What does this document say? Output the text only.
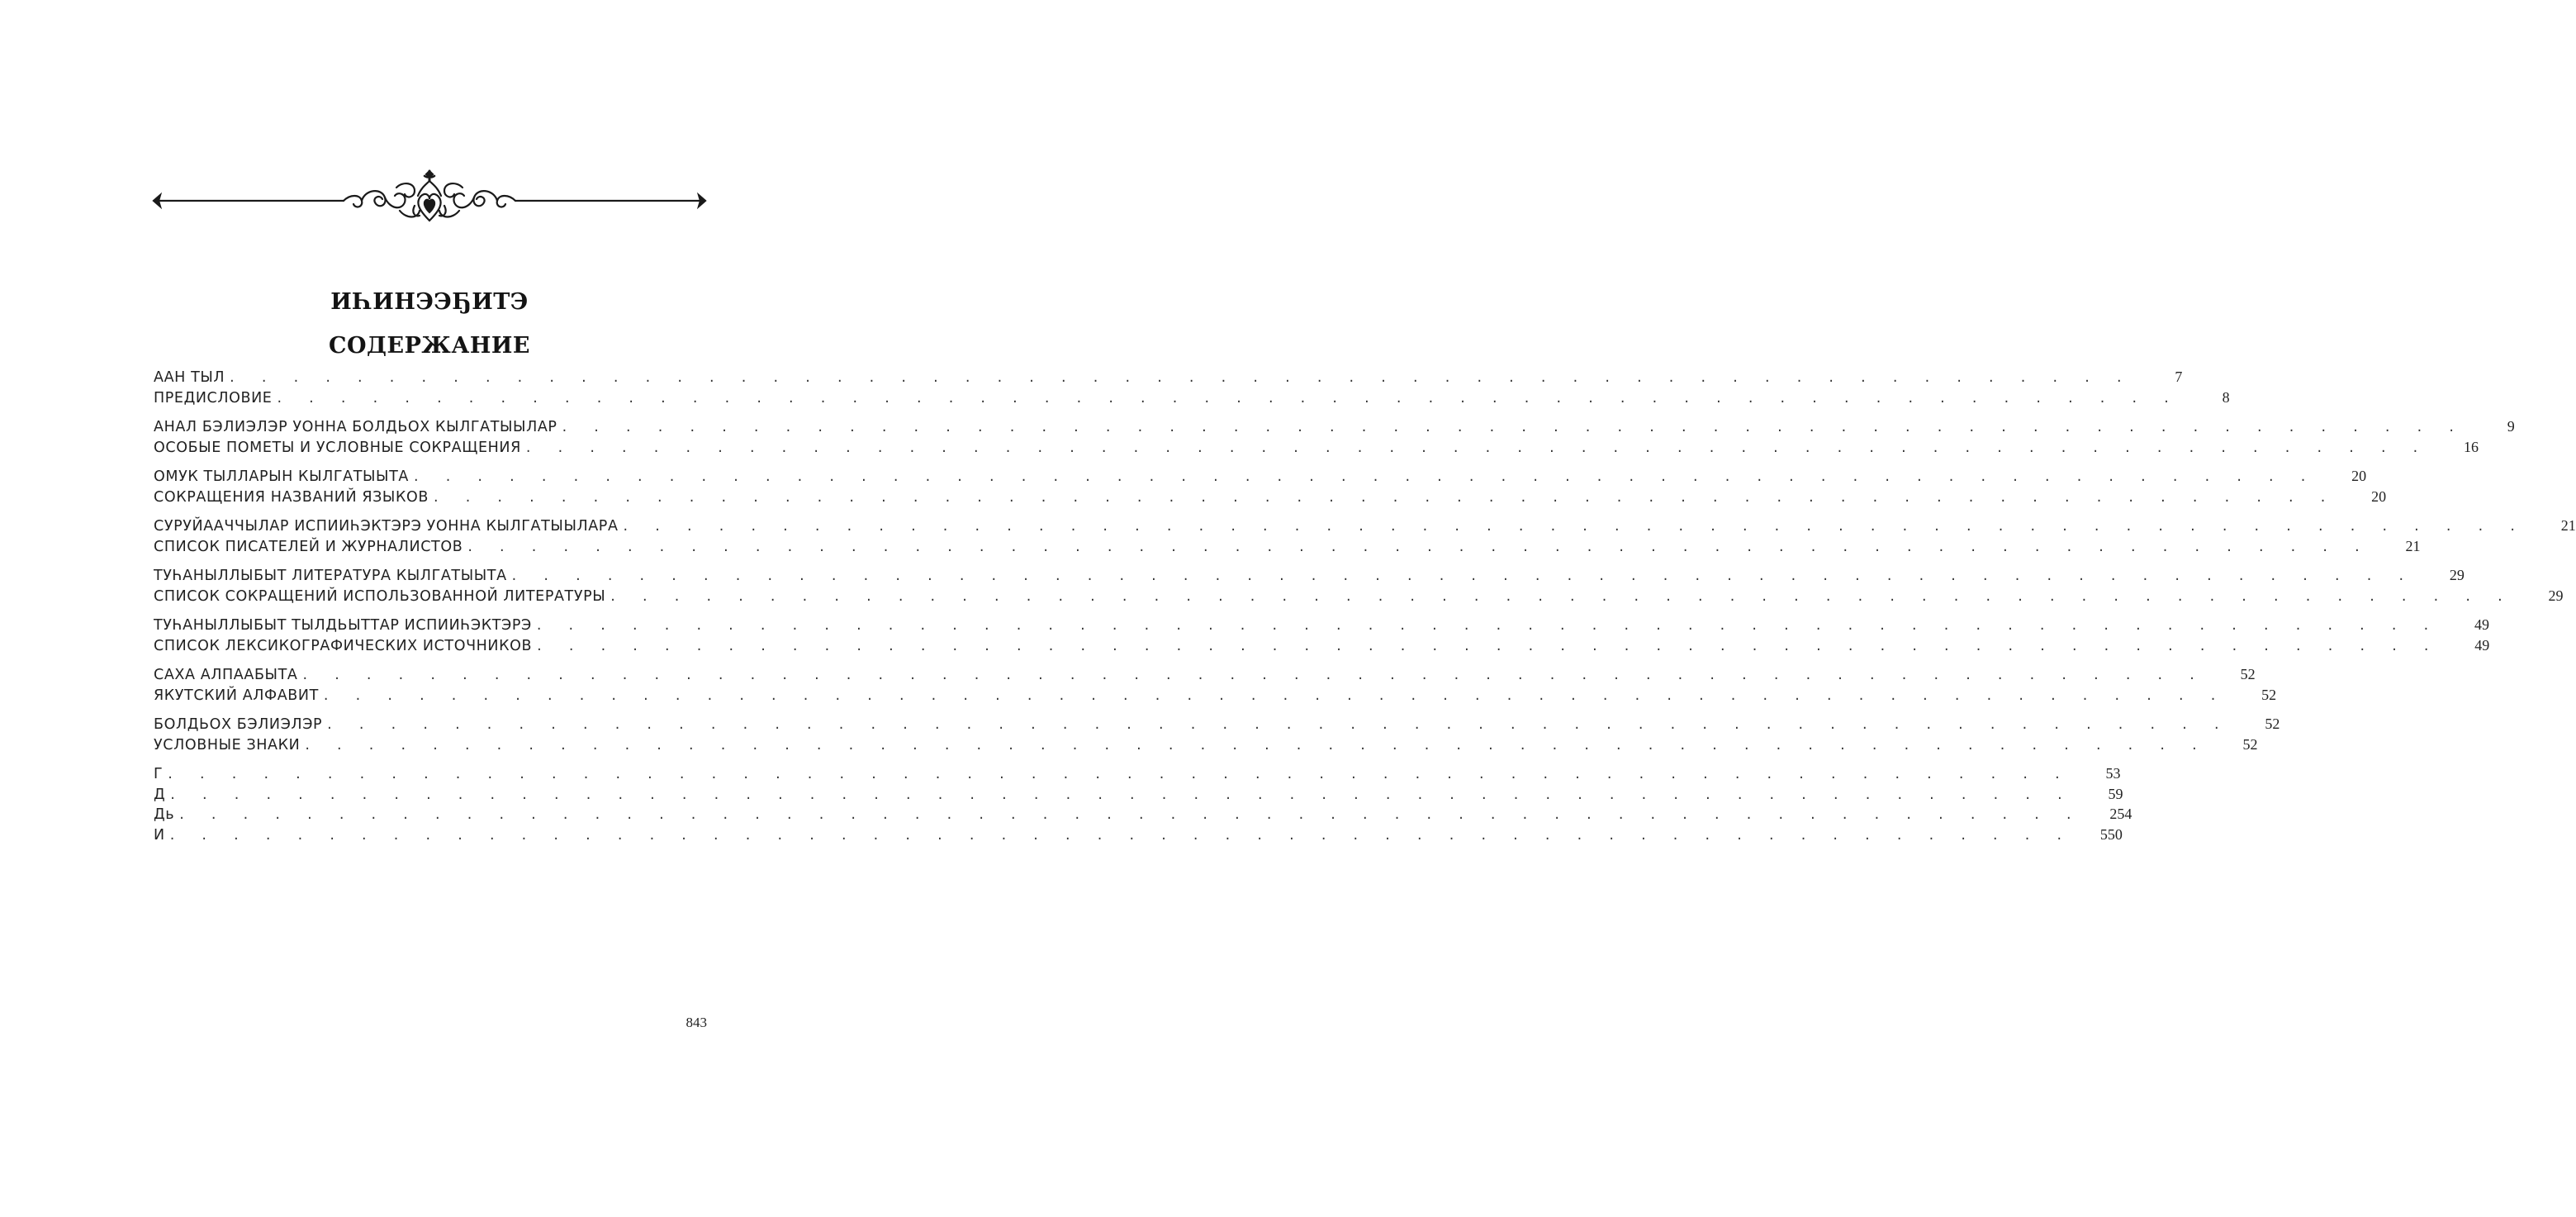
ИҺИНЭЭҔИТЭ
СОДЕРЖАНИЕ
ААН ТЫЛ . . . . . . . . . . . . . . . . . . . . . . . . . . . . . . . . . . . . . . . . . . . . . . . . . . . . . . . . . . . .	7
ПРЕДИСЛОВИЕ . . . . . . . . . . . . . . . . . . . . . . . . . . . . . . . . . . . . . . . . . . . . . . . . . . . . . . . . . . . .	8
АНАЛ БЭЛИЭЛЭР УОННА БОЛДЬОХ КЫЛГАТЫЫЛАР . . . . . . . . . . . . . . . . . . . . . . . . . . . . . . . . . . . . . . . . . . . . . . . . . . . . . . . . . . . .	9
ОСОБЫЕ ПОМЕТЫ И УСЛОВНЫЕ СОКРАЩЕНИЯ . . . . . . . . . . . . . . . . . . . . . . . . . . . . . . . . . . . . . . . . . . . . . . . . . . . . . . . . . . . .	16
ОМУК ТЫЛЛАРЫН КЫЛГАТЫЫТА . . . . . . . . . . . . . . . . . . . . . . . . . . . . . . . . . . . . . . . . . . . . . . . . . . . . . . . . . . . .	20
СОКРАЩЕНИЯ НАЗВАНИЙ ЯЗЫКОВ . . . . . . . . . . . . . . . . . . . . . . . . . . . . . . . . . . . . . . . . . . . . . . . . . . . . . . . . . . . .	20
СУРУЙААЧЧЫЛАР ИСПИИҺЭКТЭРЭ УОННА КЫЛГАТЫЫЛАРА . . . . . . . . . . . . . . . . . . . . . . . . . . . . . . . . . . . . . . . . . . . . . . . . . . . . . . . . . . . .	21
СПИСОК ПИСАТЕЛЕЙ И ЖУРНАЛИСТОВ . . . . . . . . . . . . . . . . . . . . . . . . . . . . . . . . . . . . . . . . . . . . . . . . . . . . . . . . . . . .	21
ТУҺАНЫЛЛЫБЫТ ЛИТЕРАТУРА КЫЛГАТЫЫТА . . . . . . . . . . . . . . . . . . . . . . . . . . . . . . . . . . . . . . . . . . . . . . . . . . . . . . . . . . . .	29
СПИСОК СОКРАЩЕНИЙ ИСПОЛЬЗОВАННОЙ ЛИТЕРАТУРЫ . . . . . . . . . . . . . . . . . . . . . . . . . . . . . . . . . . . . . . . . . . . . . . . . . . . . . . . . . . . .	29
ТУҺАНЫЛЛЫБЫТ ТЫЛДЬЫТТАР ИСПИИҺЭКТЭРЭ . . . . . . . . . . . . . . . . . . . . . . . . . . . . . . . . . . . . . . . . . . . . . . . . . . . . . . . . . . . .	49
СПИСОК ЛЕКСИКОГРАФИЧЕСКИХ ИСТОЧНИКОВ . . . . . . . . . . . . . . . . . . . . . . . . . . . . . . . . . . . . . . . . . . . . . . . . . . . . . . . . . . . .	49
САХА АЛПААБЫТА . . . . . . . . . . . . . . . . . . . . . . . . . . . . . . . . . . . . . . . . . . . . . . . . . . . . . . . . . . . .	52
ЯКУТСКИЙ АЛФАВИТ . . . . . . . . . . . . . . . . . . . . . . . . . . . . . . . . . . . . . . . . . . . . . . . . . . . . . . . . . . . .	52
БОЛДЬОХ БЭЛИЭЛЭР . . . . . . . . . . . . . . . . . . . . . . . . . . . . . . . . . . . . . . . . . . . . . . . . . . . . . . . . . . . .	52
УСЛОВНЫЕ ЗНАКИ . . . . . . . . . . . . . . . . . . . . . . . . . . . . . . . . . . . . . . . . . . . . . . . . . . . . . . . . . . . .	52
Г . . . . . . . . . . . . . . . . . . . . . . . . . . . . . . . . . . . . . . . . . . . . . . . . . . . . . . . . . . . .	53
Д . . . . . . . . . . . . . . . . . . . . . . . . . . . . . . . . . . . . . . . . . . . . . . . . . . . . . . . . . . . .	59
Дь . . . . . . . . . . . . . . . . . . . . . . . . . . . . . . . . . . . . . . . . . . . . . . . . . . . . . . . . . . . .	254
И . . . . . . . . . . . . . . . . . . . . . . . . . . . . . . . . . . . . . . . . . . . . . . . . . . . . . . . . . . . .	550
843
